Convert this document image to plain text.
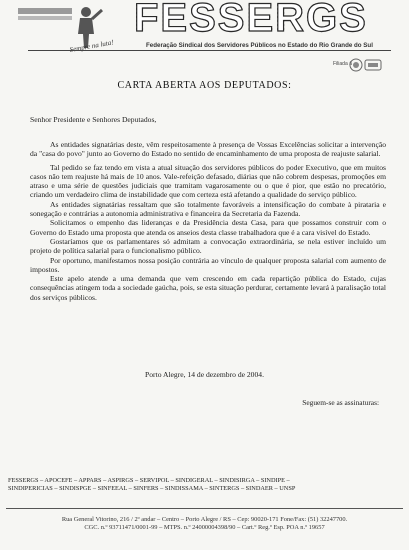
Sempre na luta!
FESSERGS
Federação Sindical dos Servidores Públicos no Estado do Rio Grande do Sul
Filiada à
CARTA ABERTA AOS DEPUTADOS:
Senhor Presidente e Senhores Deputados,

As entidades signatárias deste, vêm respeitosamente à presença de Vossas Excelências solicitar a intervenção da "casa do povo" junto ao Governo do Estado no sentido de encaminhamento de uma proposta de reajuste salarial.

Tal pedido se faz tendo em vista a atual situação dos servidores públicos do poder Executivo, que em muitos casos não tem reajuste há mais de 10 anos. Vale-refeição defasado, diárias que não cobrem despesas, promoções em atraso e uma série de questões judiciais que tramitam vagarosamente ou o que é pior, que estão no precatório, criando um verdadeiro clima de instabilidade que com certeza está afetando a qualidade do serviço público.

As entidades signatárias ressaltam que são totalmente favoráveis a intensificação do combate à pirataria e sonegação e contrárias a autonomia administrativa e financeira da Secretaria da Fazenda.

Solicitamos o empenho das lideranças e da Presidência desta Casa, para que possamos construir com o Governo do Estado uma proposta que atenda os anseios desta classe trabalhadora que é a cara visível do Estado.

Gostaríamos que os parlamentares só admitam a convocação extraordinária, se nela estiver incluído um projeto de política salarial para o funcionalismo público.

Por oportuno, manifestamos nossa posição contrária ao vínculo de qualquer proposta salarial com aumento de impostos.

Este apelo atende a uma demanda que vem crescendo em cada repartição pública do Estado, cujas consequências atingem toda a sociedade gaúcha, pois, se esta situação perdurar, certamente levará à paralisação total dos serviços públicos.

Porto Alegre, 14 de dezembro de 2004.
Seguem-se as assinaturas:
FESSERGS – APOCEFE – APPARS – ASPIRGS – SERVIPOL – SINDIGERAL – SINDISIRGA – SINDIPE –
SINDIPERICIAS – SINDISPGE – SINFEEAL – SINFERS – SINDISSAMA – SINTERGS – SINDAER – UNSP
Rua General Vitorino, 216 / 2º andar – Centro – Porto Alegre / RS – Cep: 90020-171 Fone/Fax: (51) 32247700.
CGC. n.º 93711471/0001-99 – MTPS. n.º 24000004398/90 – Cart.º Reg.º Esp. POA n.º 19657
